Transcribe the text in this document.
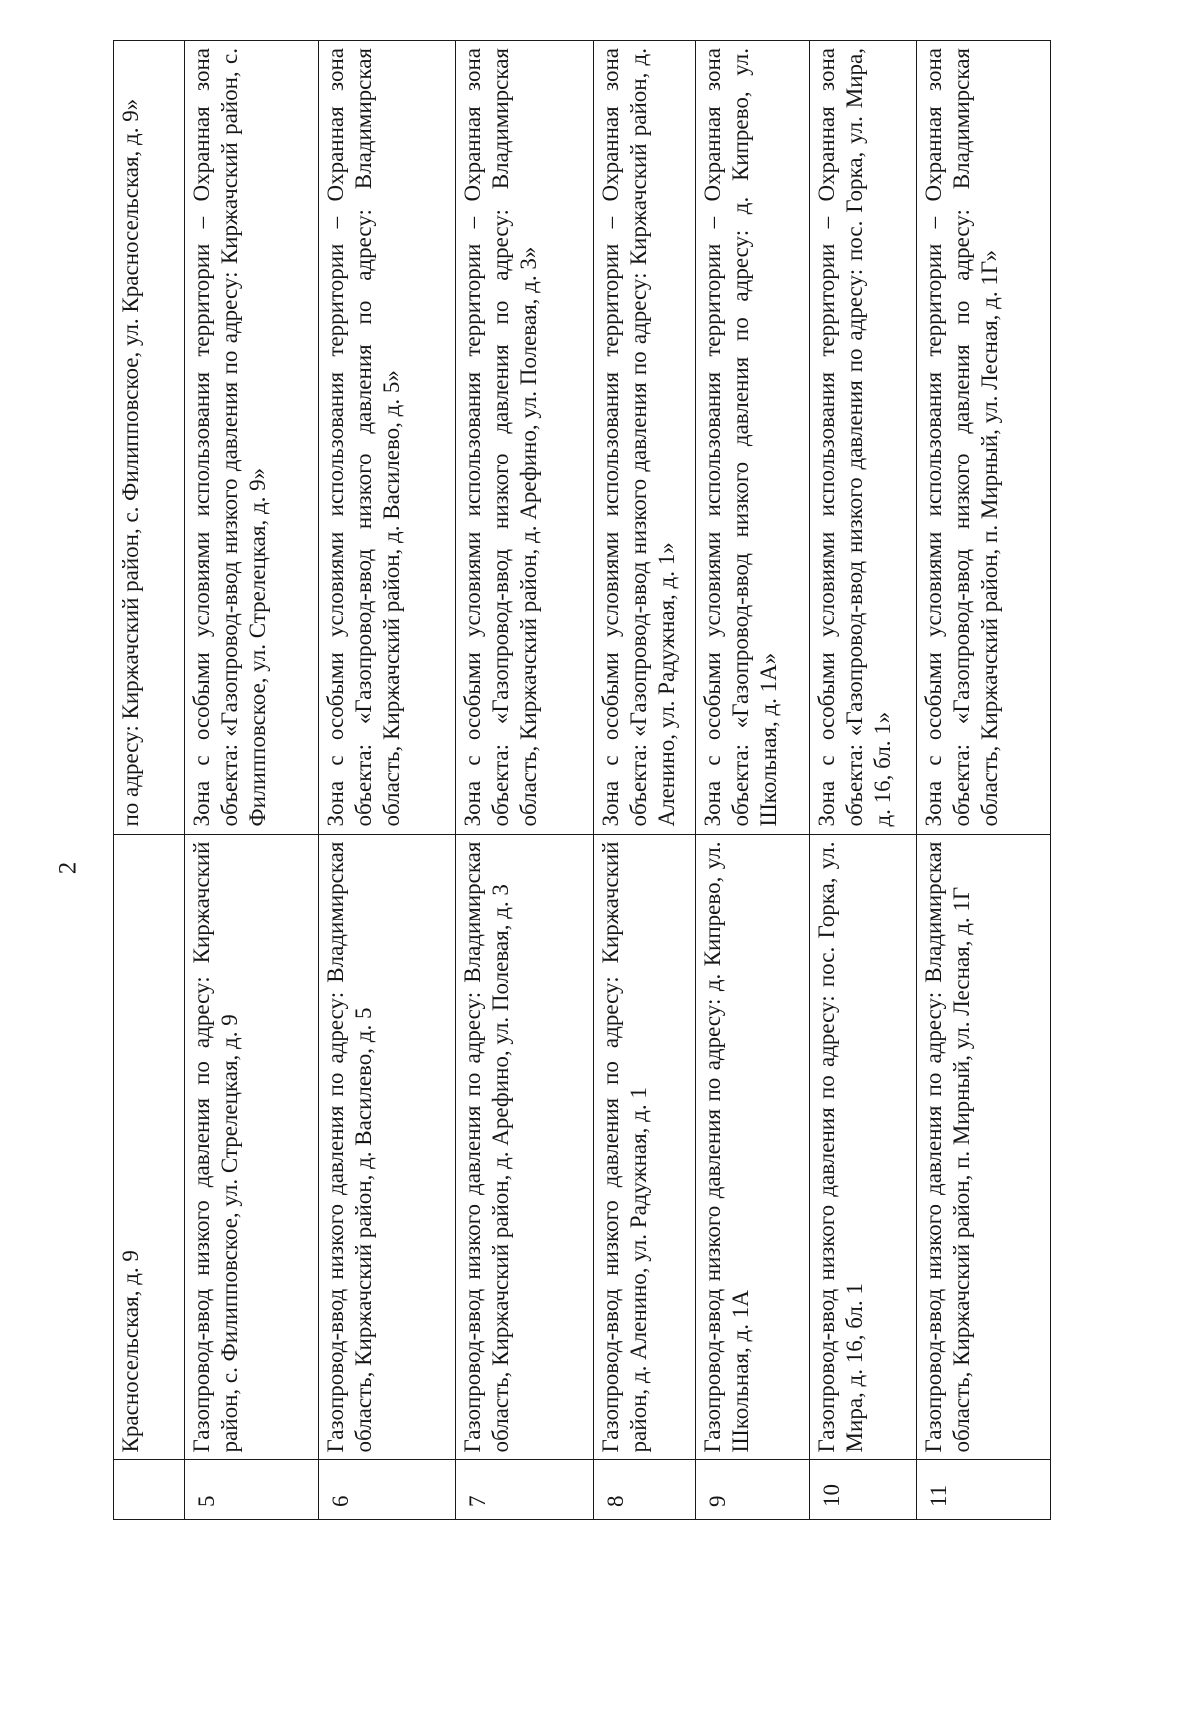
2
	Красносельская, д. 9	по адресу: Киржачский район, с. Филипповское, ул. Красносельская, д. 9»
5	Газопровод-ввод низкого давления по адресу: Киржачский район, с. Филипповское, ул. Стрелецкая, д. 9	Зона с особыми условиями использования территории – Охранная зона объекта: «Газопровод-ввод низкого давления по адресу: Киржачский район, с. Филипповское, ул. Стрелецкая, д. 9»
6	Газопровод-ввод низкого давления по адресу: Владимирская область, Киржачский район, д. Василево, д. 5	Зона с особыми условиями использования территории – Охранная зона объекта: «Газопровод-ввод низкого давления по адресу: Владимирская область, Киржачский район, д. Василево, д. 5»
7	Газопровод-ввод низкого давления по адресу: Владимирская область, Киржачский район, д. Арефино, ул. Полевая, д. 3	Зона с особыми условиями использования территории – Охранная зона объекта: «Газопровод-ввод низкого давления по адресу: Владимирская область, Киржачский район, д. Арефино, ул. Полевая, д. 3»
8	Газопровод-ввод низкого давления по адресу: Киржачский район, д. Аленино, ул. Радужная, д. 1	Зона с особыми условиями использования территории – Охранная зона объекта: «Газопровод-ввод низкого давления по адресу: Киржачский район, д. Аленино, ул. Радужная, д. 1»
9	Газопровод-ввод низкого давления по адресу: д. Кипрево, ул. Школьная, д. 1А	Зона с особыми условиями использования территории – Охранная зона объекта: «Газопровод-ввод низкого давления по адресу: д. Кипрево, ул. Школьная, д. 1А»
10	Газопровод-ввод низкого давления по адресу: пос. Горка, ул. Мира, д. 16, бл. 1	Зона с особыми условиями использования территории – Охранная зона объекта: «Газопровод-ввод низкого давления по адресу: пос. Горка, ул. Мира, д. 16, бл. 1»
11	Газопровод-ввод низкого давления по адресу: Владимирская область, Киржачский район, п. Мирный, ул. Лесная, д. 1Г	Зона с особыми условиями использования территории – Охранная зона объекта: «Газопровод-ввод низкого давления по адресу: Владимирская область, Киржачский район, п. Мирный, ул. Лесная, д. 1Г»
